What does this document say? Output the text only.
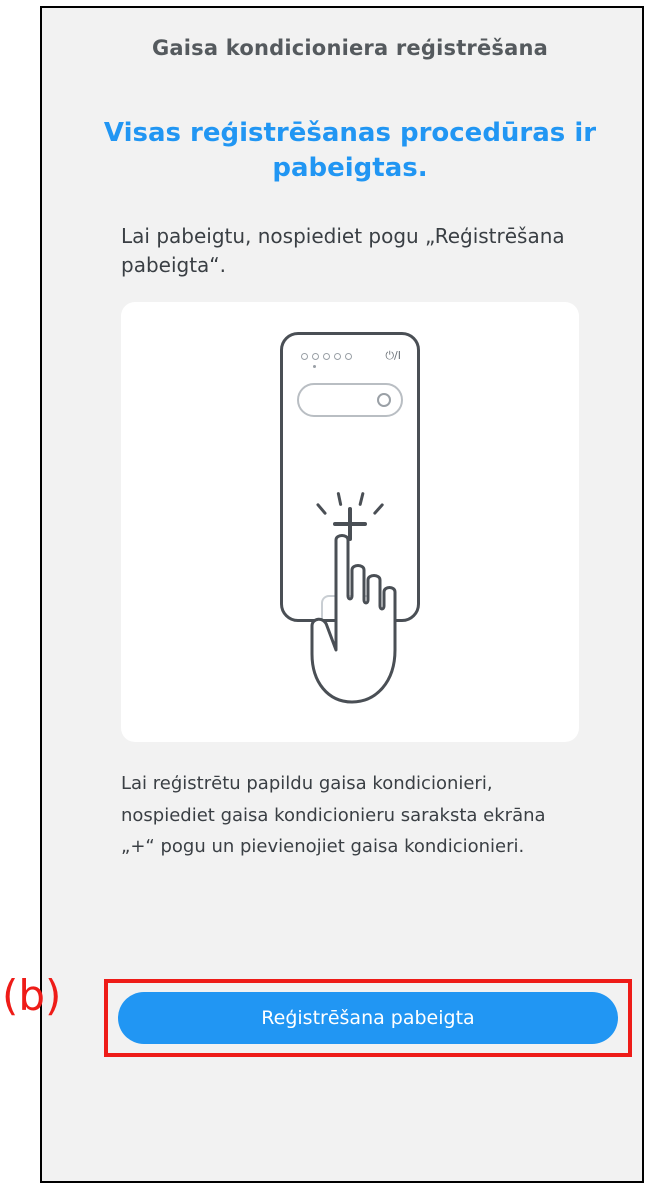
Gaisa kondicioniera reģistrēšana
Visas reģistrēšanas procedūras ir pabeigtas.
Lai pabeigtu, nospiediet pogu „Reģistrēšana pabeigta“.
⏻/I
Lai reģistrētu papildu gaisa kondicionieri, nospiediet gaisa kondicionieru saraksta ekrāna „+“ pogu un pievienojiet gaisa kondicionieri.
Reģistrēšana pabeigta
(b)
